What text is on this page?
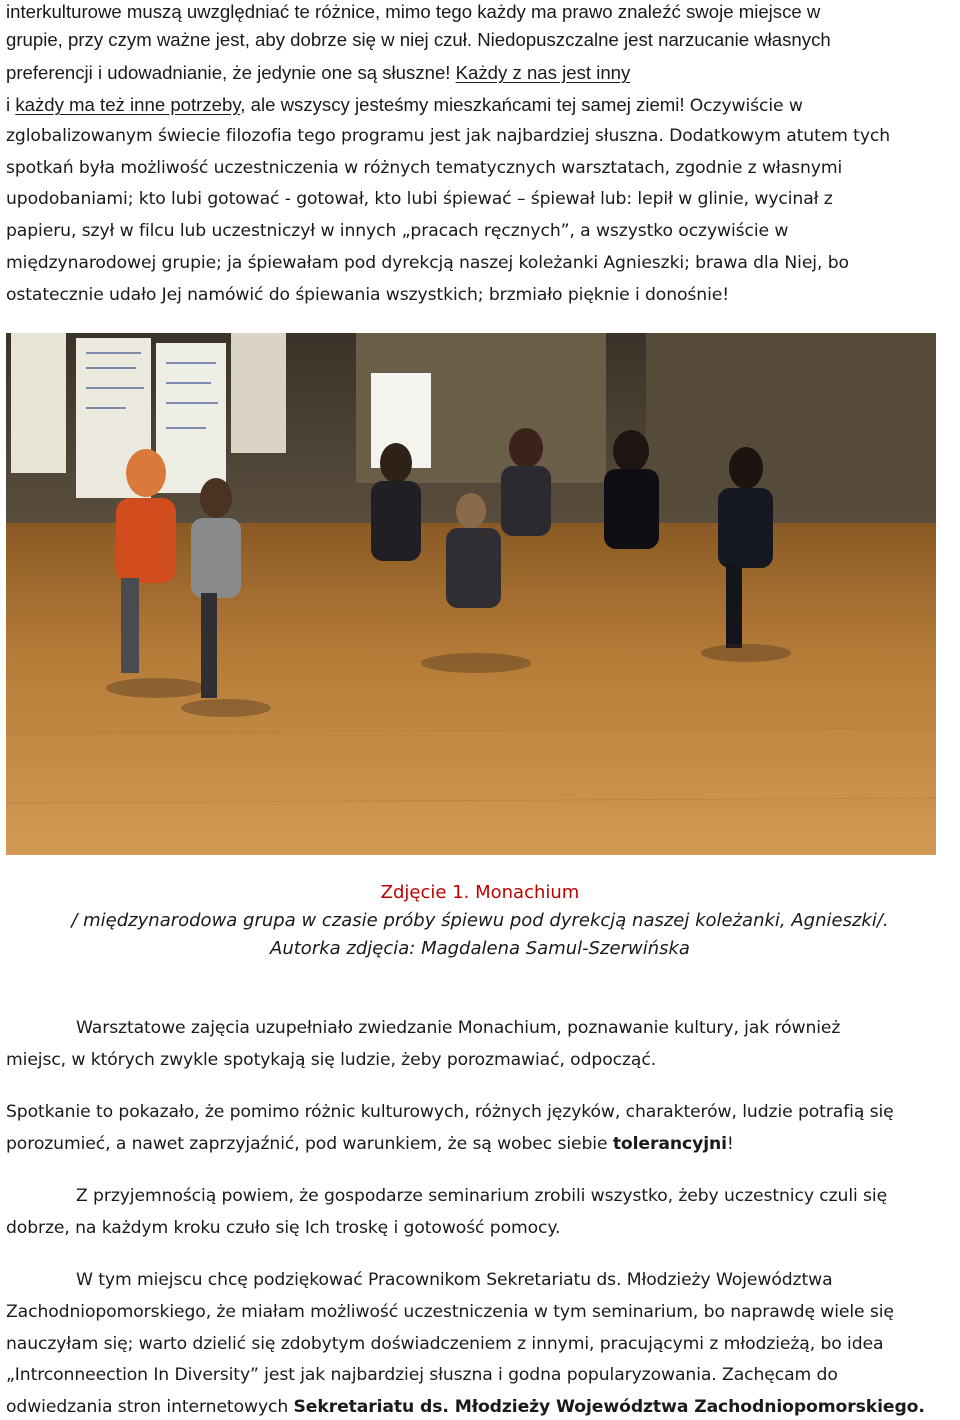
interkulturowe muszą uwzględniać te różnice, mimo tego każdy ma prawo znaleźć swoje miejsce w
grupie, przy czym ważne jest, aby dobrze się w niej czuł. Niedopuszczalne jest narzucanie własnych
preferencji i udowadnianie, że jedynie one są słuszne! Każdy z nas jest inny
i każdy ma też inne potrzeby, ale wszyscy jesteśmy mieszkańcami tej samej ziemi! Oczywiście w
zglobalizowanym świecie filozofia tego programu jest jak najbardziej słuszna. Dodatkowym atutem tych
spotkań była możliwość uczestniczenia w różnych tematycznych warsztatach, zgodnie z własnymi
upodobaniami; kto lubi gotować - gotował, kto lubi śpiewać – śpiewał lub: lepił w glinie, wycinał z
papieru, szył w filcu lub uczestniczył w innych „pracach ręcznych”, a wszystko oczywiście w
międzynarodowej grupie; ja śpiewałam pod dyrekcją naszej koleżanki Agnieszki; brawa dla Niej, bo
ostatecznie udało Jej namówić do śpiewania wszystkich; brzmiało pięknie i donośnie!
Zdjęcie 1. Monachium
/ międzynarodowa grupa w czasie próby śpiewu pod dyrekcją naszej koleżanki, Agnieszki/.
Autorka zdjęcia: Magdalena Samul-Szerwińska
Warsztatowe zajęcia uzupełniało zwiedzanie Monachium, poznawanie kultury, jak również
miejsc, w których zwykle spotykają się ludzie, żeby porozmawiać, odpocząć.
Spotkanie to pokazało, że pomimo różnic kulturowych, różnych języków, charakterów, ludzie potrafią się
porozumieć, a nawet zaprzyjaźnić, pod warunkiem, że są wobec siebie tolerancyjni!
Z przyjemnością powiem, że gospodarze seminarium zrobili wszystko, żeby uczestnicy czuli się
dobrze, na każdym kroku czuło się Ich troskę i gotowość pomocy.
W tym miejscu chcę podziękować Pracownikom Sekretariatu ds. Młodzieży Województwa
Zachodniopomorskiego, że miałam możliwość uczestniczenia w tym seminarium, bo naprawdę wiele się
nauczyłam się; warto dzielić się zdobytym doświadczeniem z innymi, pracującymi z młodzieżą, bo idea
„Intrconneection In Diversity” jest jak najbardziej słuszna i godna popularyzowania. Zachęcam do
odwiedzania stron internetowych Sekretariatu ds. Młodzieży Województwa Zachodniopomorskiego.
